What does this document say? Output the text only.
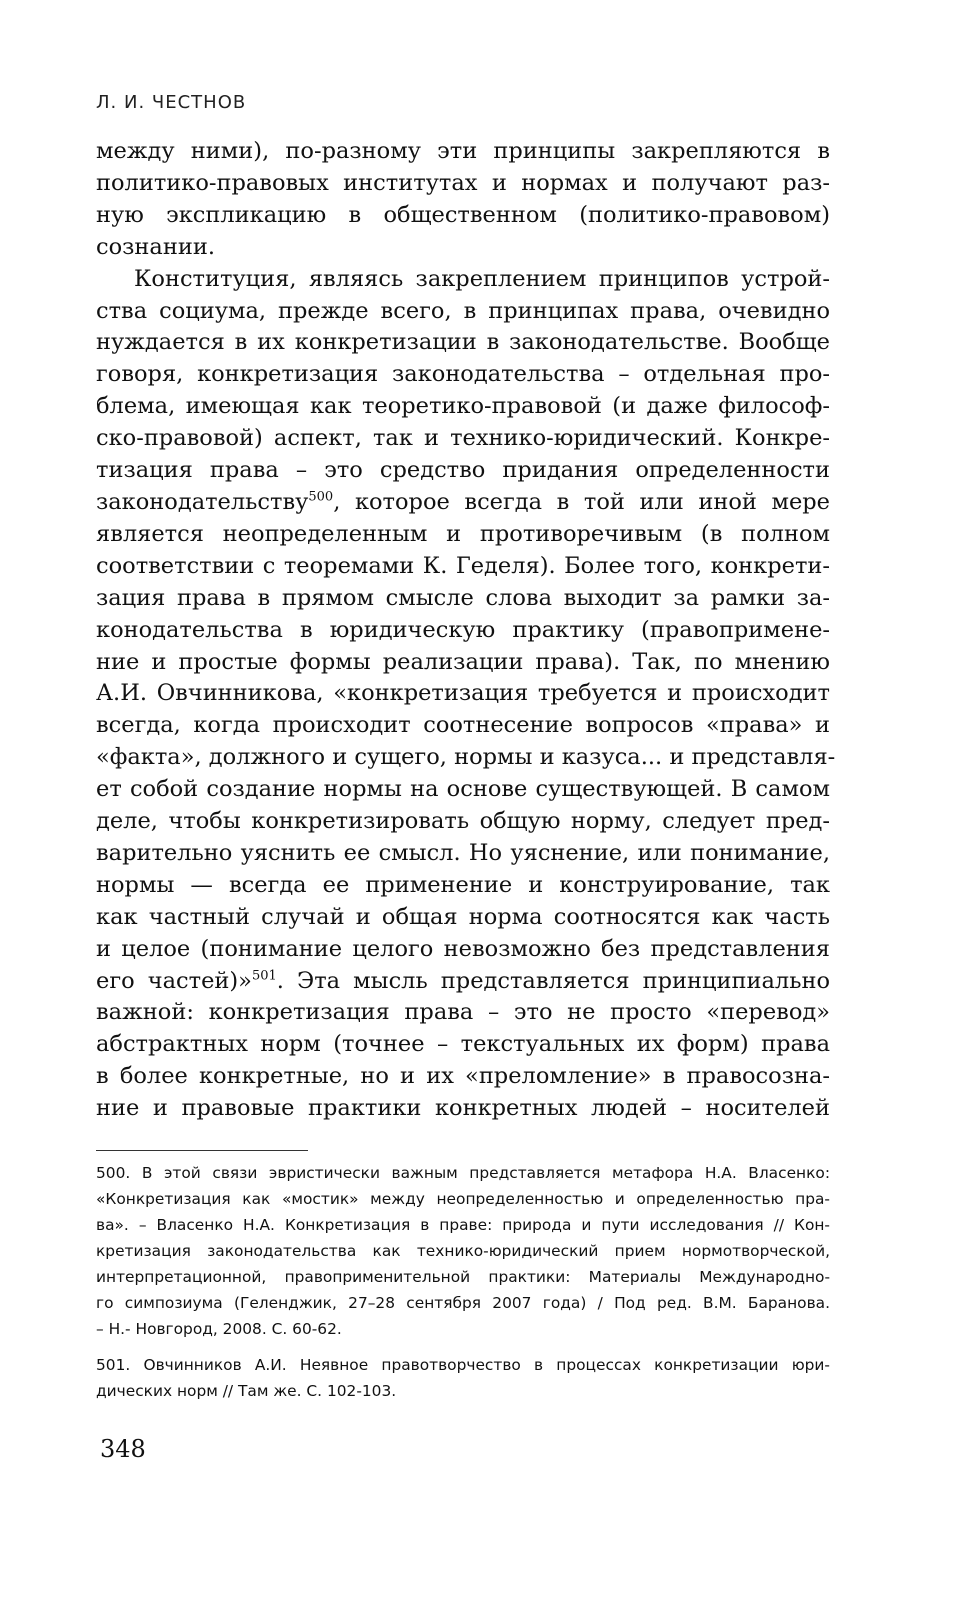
Л. И. ЧЕСТНОВ

между ними), по-разному эти принципы закрепляются в
политико-правовых институтах и нормах и получают раз-
ную экспликацию в общественном (политико-правовом)
сознании.

Конституция, являясь закреплением принципов устрой-
ства социума, прежде всего, в принципах права, очевидно
нуждается в их конкретизации в законодательстве. Вообще
говоря, конкретизация законодательства – отдельная про-
блема, имеющая как теоретико-правовой (и даже философ-
ско-правовой) аспект, так и технико-юридический. Конкре-
тизация права – это средство придания определенности
законодательству$^{500}$, которое всегда в той или иной мере
является неопределенным и противоречивым (в полном
соответствии с теоремами К. Геделя). Более того, конкрети-
зация права в прямом смысле слова выходит за рамки за-
конодательства в юридическую практику (правопримене-
ние и простые формы реализации права). Так, по мнению
А.И. Овчинникова, «конкретизация требуется и происходит
всегда, когда происходит соотнесение вопросов «права» и
«факта», должного и сущего, нормы и казуса... и представля-
ет собой создание нормы на основе существующей. В самом
деле, чтобы конкретизировать общую норму, следует пред-
варительно уяснить ее смысл. Но уяснение, или понимание,
нормы — всегда ее применение и конструирование, так
как частный случай и общая норма соотносятся как часть
и целое (понимание целого невозможно без представления
его частей)»$^{501}$. Эта мысль представляется принципиально
важной: конкретизация права – это не просто «перевод»
абстрактных норм (точнее – текстуальных их форм) права
в более конкретные, но и их «преломление» в правосозна-
ние и правовые практики конкретных людей – носителей

500. В этой связи эвристически важным представляется метафора Н.А. Власенко:
«Конкретизация как «мостик» между неопределенностью и определенностью пра-
ва». – Власенко Н.А. Конкретизация в праве: природа и пути исследования // Кон-
кретизация законодательства как технико-юридический прием нормотворческой,
интерпретационной, правоприменительной практики: Материалы Международно-
го симпозиума (Геленджик, 27–28 сентября 2007 года) / Под ред. В.М. Баранова.
– Н.- Новгород, 2008. С. 60-62.
501. Овчинников А.И. Неявное правотворчество в процессах конкретизации юри-
дических норм // Там же. С. 102-103.
348
